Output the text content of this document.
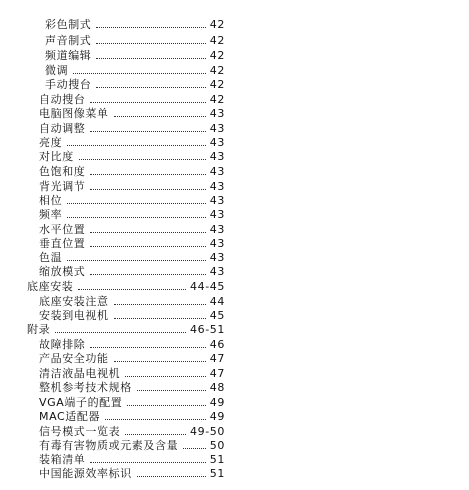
彩色制式	42
声音制式	42
频道编辑	42
微调	42
手动搜台	42
自动搜台	42
电脑图像菜单	43
自动调整	43
亮度	43
对比度	43
色饱和度	43
背光调节	43
相位	43
频率	43
水平位置	43
垂直位置	43
色温	43
缩放模式	43
底座安装	44-45
底座安装注意	44
安装到电视机	45
附录	46-51
故障排除	46
产品安全功能	47
清洁液晶电视机	47
整机参考技术规格	48
VGA端子的配置	49
MAC适配器	49
信号模式一览表	49-50
有毒有害物质或元素及含量	50
装箱清单	51
中国能源效率标识	51
